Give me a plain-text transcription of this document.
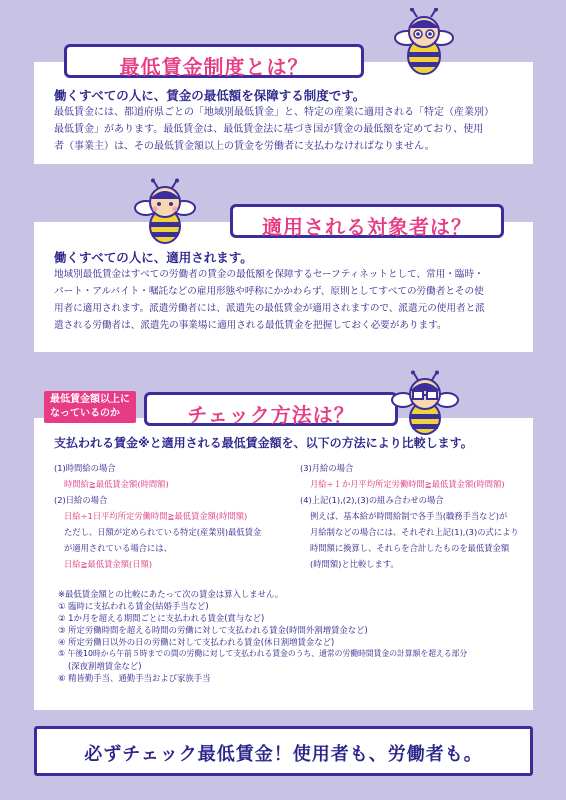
最低賃金制度とは？
働くすべての人に、賃金の最低額を保障する制度です。
最低賃金には、都道府県ごとの「地域別最低賃金」と、特定の産業に適用される「特定（産業別）
最低賃金」があります。最低賃金は、最低賃金法に基づき国が賃金の最低額を定めており、使用
者（事業主）は、その最低賃金額以上の賃金を労働者に支払わなければなりません。
適用される対象者は？
働くすべての人に、適用されます。
地域別最低賃金はすべての労働者の賃金の最低額を保障するセーフティネットとして、常用・臨時・
パート・アルバイト・嘱託などの雇用形態や呼称にかかわらず、原則としてすべての労働者とその使
用者に適用されます。派遣労働者には、派遣先の最低賃金が適用されますので、派遣元の使用者と派
遣される労働者は、派遣先の事業場に適用される最低賃金を把握しておく必要があります。
チェック方法は？
支払われる賃金※と適用される最低賃金額を、以下の方法により比較します。
(1)時間給の場合
時間給≧最低賃金額(時間額)
(2)日給の場合
日給÷1日平均所定労働時間≧最低賃金額(時間額)
ただし、日額が定められている特定(産業別)最低賃金
が適用されている場合には、
日給≧最低賃金額(日額)
(3)月給の場合
月給÷１か月平均所定労働時間≧最低賃金額(時間額)
(4)上記(1),(2),(3)の組み合わせの場合
例えば、基本給が時間給制で各手当(職務手当など)が
月給制などの場合には、それぞれ上記(1),(3)の式により
時間額に換算し、それらを合計したものを最低賃金額
(時間額)と比較します。
※最低賃金額との比較にあたって次の賃金は算入しません。
① 臨時に支払われる賃金(結婚手当など)
② 1か月を超える期間ごとに支払われる賃金(賞与など)
③ 所定労働時間を超える時間の労働に対して支払われる賃金(時間外割増賃金など)
④ 所定労働日以外の日の労働に対して支払われる賃金(休日割増賃金など)
⑤ 午後10時から午前５時までの間の労働に対して支払われる賃金のうち、通常の労働時間賃金の計算額を超える部分
(深夜割増賃金など)
⑥ 精皆勤手当、通勤手当および家族手当
最低賃金額以上に
なっているのか
必ずチェック最低賃金！使用者も、労働者も。
